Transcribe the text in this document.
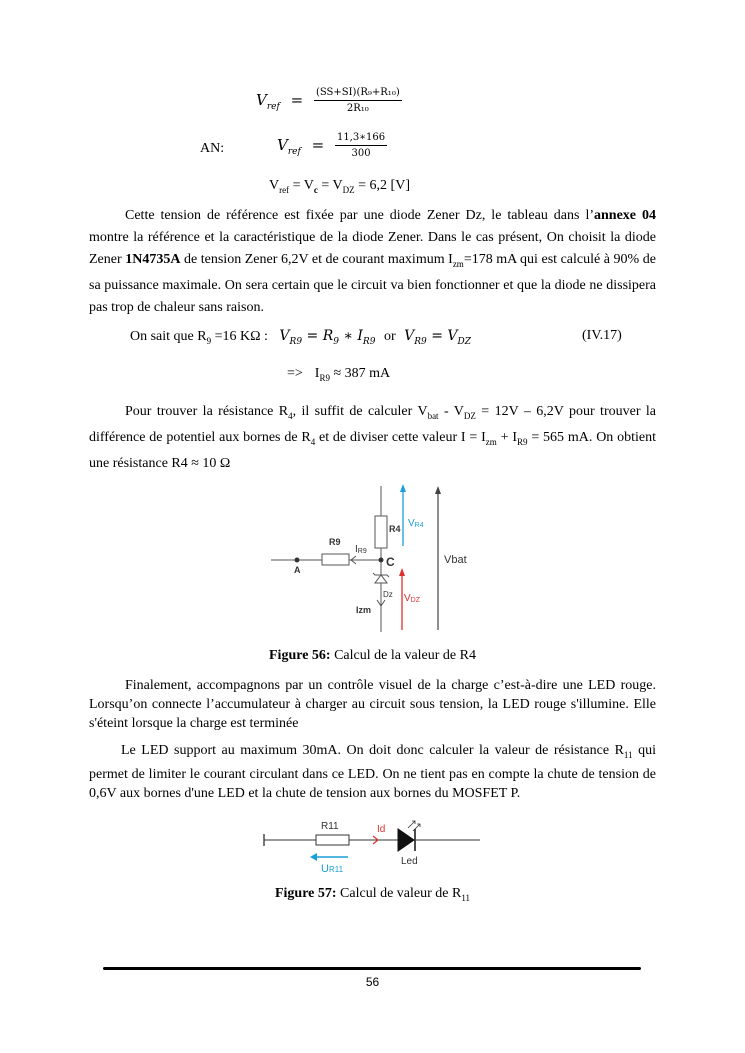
$V_{ref} = \frac{\text{(SS+SI)(R₉+R₁₀)}}{\text{2R₁₀}}$
AN:	$V_{ref} = \frac{11,3∗166}{300}$
$V_{ref} = V_c = V_{DZ} = 6,2$ [V]
Cette tension de référence est fixée par une diode Zener Dz, le tableau dans l’annexe 04 montre la référence et la caractéristique de la diode Zener. Dans le cas présent, On choisit la diode Zener 1N4735A de tension Zener 6,2V et de courant maximum $I_{zm}=178$ mA qui est calculé à 90% de sa puissance maximale. On sera certain que le circuit va bien fonctionner et que la diode ne dissipera pas trop de chaleur sans raison.
On sait que $R_9 =16$ KΩ : $V_{R9} = R_9$ ∗ $I_{R9}$ or $V_{R9} = V_{DZ}$	(IV.17)
=> $I_{R9} \approx 387$ mA
Pour trouver la résistance $R_4$, il suffit de calculer $V_{bat} - V_{DZ} = 12V - 6,2V$ pour trouver la différence de potentiel aux bornes de $R_4$ et de diviser cette valeur $I = I_{zm} + I_{R9} = 565$ mA. On obtient une résistance R4 ≈ 10 Ω
R4 VR4
R9
IR9
A
C
Dz VDZ
Izm
Vbat
Figure 56: Calcul de la valeur de R4
Finalement, accompagnons par un contrôle visuel de la charge c’est-à-dire une LED rouge. Lorsqu’on connecte l’accumulateur à charger au circuit sous tension, la LED rouge s'illumine. Elle s'éteint lorsque la charge est terminée
Le LED support au maximum 30mA. On doit donc calculer la valeur de résistance $R_{11}$ qui permet de limiter le courant circulant dans ce LED. On ne tient pas en compte la chute de tension de 0,6V aux bornes d'une LED et la chute de tension aux bornes du MOSFET P.
R11	Id
Led
UR11
Figure 57: Calcul de valeur de $R_{11}$
56
